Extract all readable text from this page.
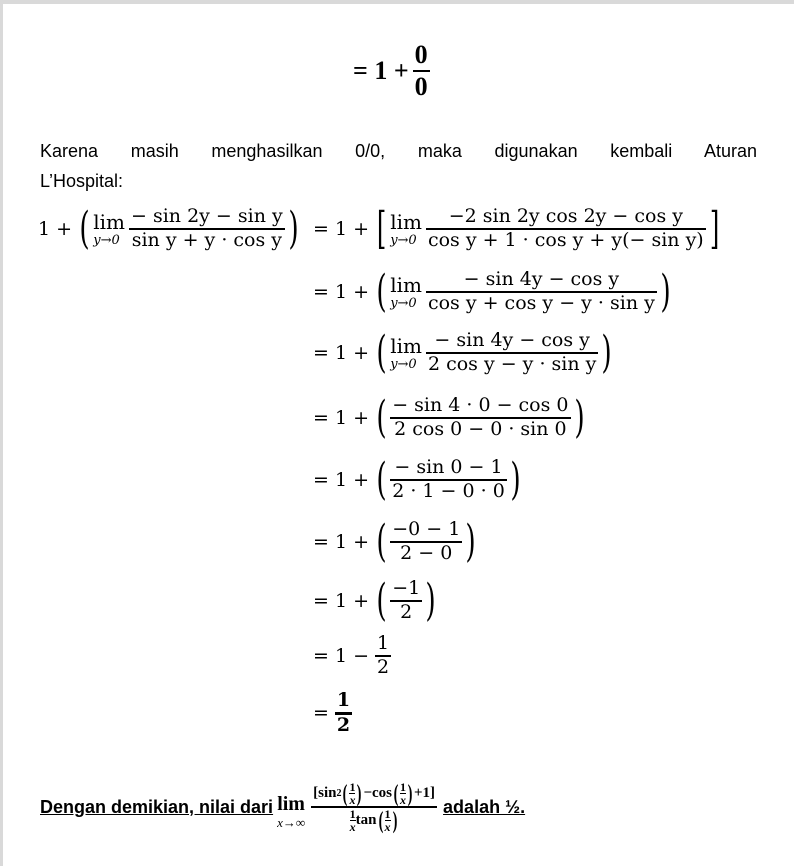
= $1 + \frac{0}{0}$
Karena masih menghasilkan 0/0, maka digunakan kembali Aturan
L’Hospital:
1 + ( lim
$y\to 0 \frac{\text{− sin 2y − sin y}}{\text{sin y + y · cos y}}$ ) = 1 + [ lim
$y\to 0 \frac{\text{−2 sin 2y cos 2y − cos y}}{\text{cos y + 1 · cos y + y(− sin y)}}$ ]
= 1 + ( lim
$y\to 0 \frac{\text{− sin 4y − cos y}}{\text{cos y + cos y − y · sin y}}$ )
= 1 + ( lim
$y\to 0 \frac{\text{− sin 4y − cos y}}{\text{2 cos y − y · sin y}}$ )
= 1 + ( $\frac{- \sin 4 \cdot 0 - \cos 0}{2 \cos 0 - 0 \cdot \sin 0}$ )
= 1 + ( $\frac{- \sin 0 - 1}{2 \cdot 1 - 0 \cdot 0}$ )
= 1 + ( $\frac{-0 - 1}{2 - 0}$ )
= 1 + ( $\frac{-1}{2}$ )
= $1 - \frac{1}{2}$
= $\frac{1}{2}$
Dengan demikian, nilai dari lim
x→∞
[sin 2 ( 1
x ) −cos ( 1
x ) +1]
1
x tan ( 1
x )
adalah ½.
